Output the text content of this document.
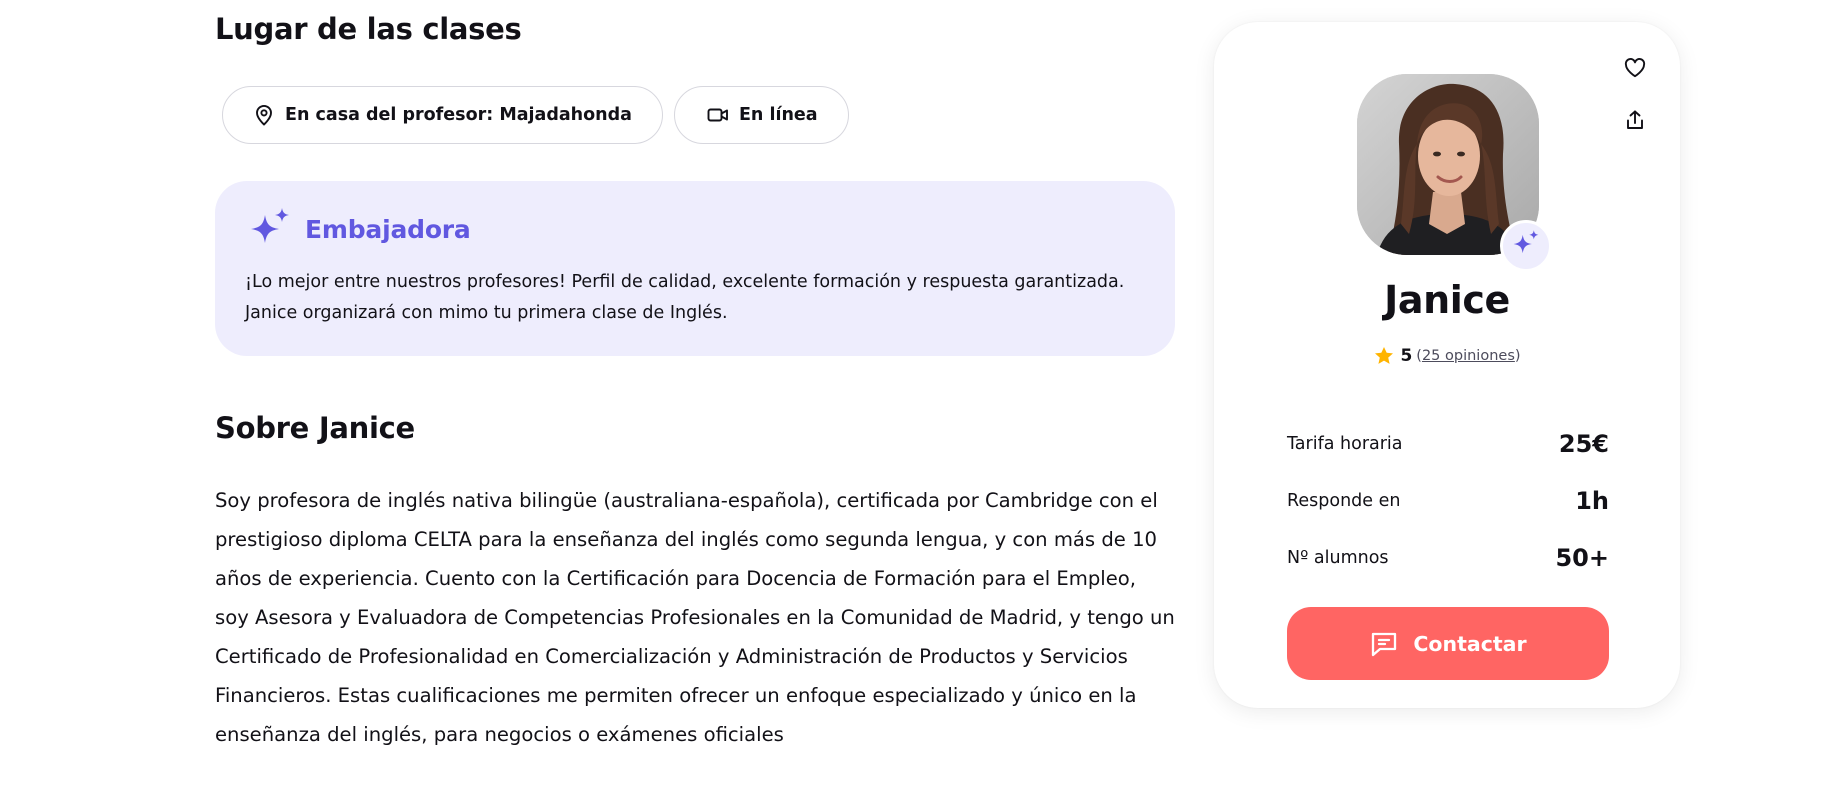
Lugar de las clases
En casa del profesor: Majadahonda	En línea
Embajadora
¡Lo mejor entre nuestros profesores! Perfil de calidad, excelente formación y respuesta garantizada.
Janice organizará con mimo tu primera clase de Inglés.
Sobre Janice

Soy profesora de inglés nativa bilingüe (australiana-española), certificada por Cambridge con el prestigioso diploma CELTA para la enseñanza del inglés como segunda lengua, y con más de 10 años de experiencia. Cuento con la Certificación para Docencia de Formación para el Empleo, soy Asesora y Evaluadora de Competencias Profesionales en la Comunidad de Madrid, y tengo un Certificado de Profesionalidad en Comercialización y Administración de Productos y Servicios Financieros. Estas cualificaciones me permiten ofrecer un enfoque especializado y único en la enseñanza del inglés, para negocios o exámenes oficiales

Janice
5 (25 opiniones)
Tarifa horaria	25€
Responde en	1h
Nº alumnos	50+
Contactar
